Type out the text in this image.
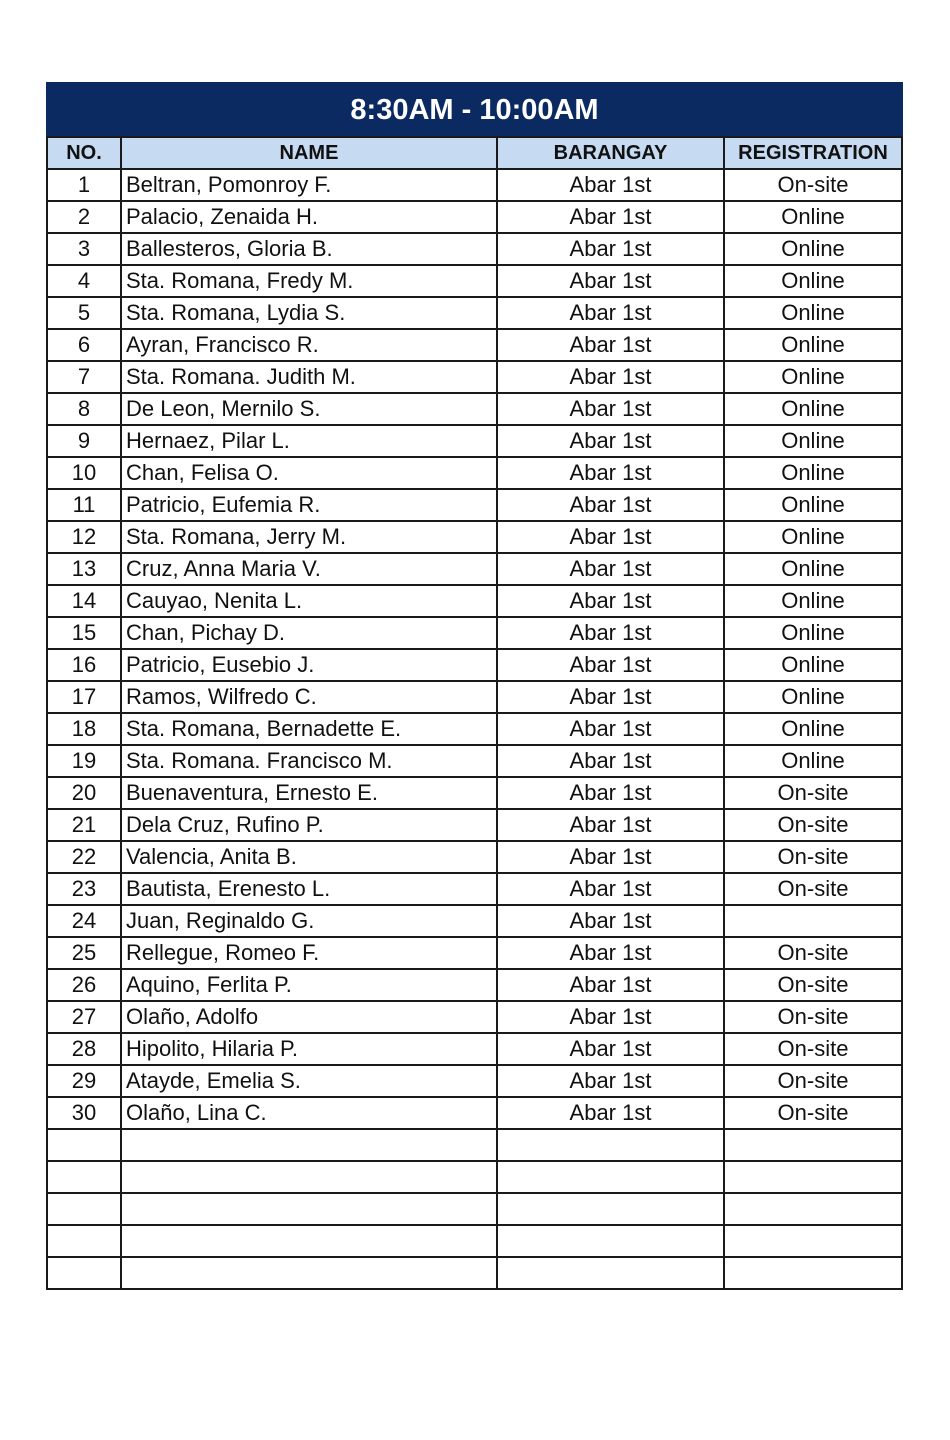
8:30AM - 10:00AM			
NO.	NAME	BARANGAY	REGISTRATION
1	Beltran, Pomonroy F.	Abar 1st	On-site
2	Palacio, Zenaida H.	Abar 1st	Online
3	Ballesteros, Gloria B.	Abar 1st	Online
4	Sta. Romana, Fredy M.	Abar 1st	Online
5	Sta. Romana, Lydia S.	Abar 1st	Online
6	Ayran, Francisco R.	Abar 1st	Online
7	Sta. Romana. Judith M.	Abar 1st	Online
8	De Leon, Mernilo S.	Abar 1st	Online
9	Hernaez, Pilar L.	Abar 1st	Online
10	Chan, Felisa O.	Abar 1st	Online
11	Patricio, Eufemia R.	Abar 1st	Online
12	Sta. Romana, Jerry M.	Abar 1st	Online
13	Cruz, Anna Maria V.	Abar 1st	Online
14	Cauyao, Nenita L.	Abar 1st	Online
15	Chan, Pichay D.	Abar 1st	Online
16	Patricio, Eusebio J.	Abar 1st	Online
17	Ramos, Wilfredo C.	Abar 1st	Online
18	Sta. Romana, Bernadette E.	Abar 1st	Online
19	Sta. Romana. Francisco M.	Abar 1st	Online
20	Buenaventura, Ernesto E.	Abar 1st	On-site
21	Dela Cruz, Rufino P.	Abar 1st	On-site
22	Valencia, Anita B.	Abar 1st	On-site
23	Bautista, Erenesto L.	Abar 1st	On-site
24	Juan, Reginaldo G.	Abar 1st	
25	Rellegue, Romeo F.	Abar 1st	On-site
26	Aquino, Ferlita P.	Abar 1st	On-site
27	Olaño, Adolfo	Abar 1st	On-site
28	Hipolito, Hilaria P.	Abar 1st	On-site
29	Atayde, Emelia S.	Abar 1st	On-site
30	Olaño, Lina C.	Abar 1st	On-site
